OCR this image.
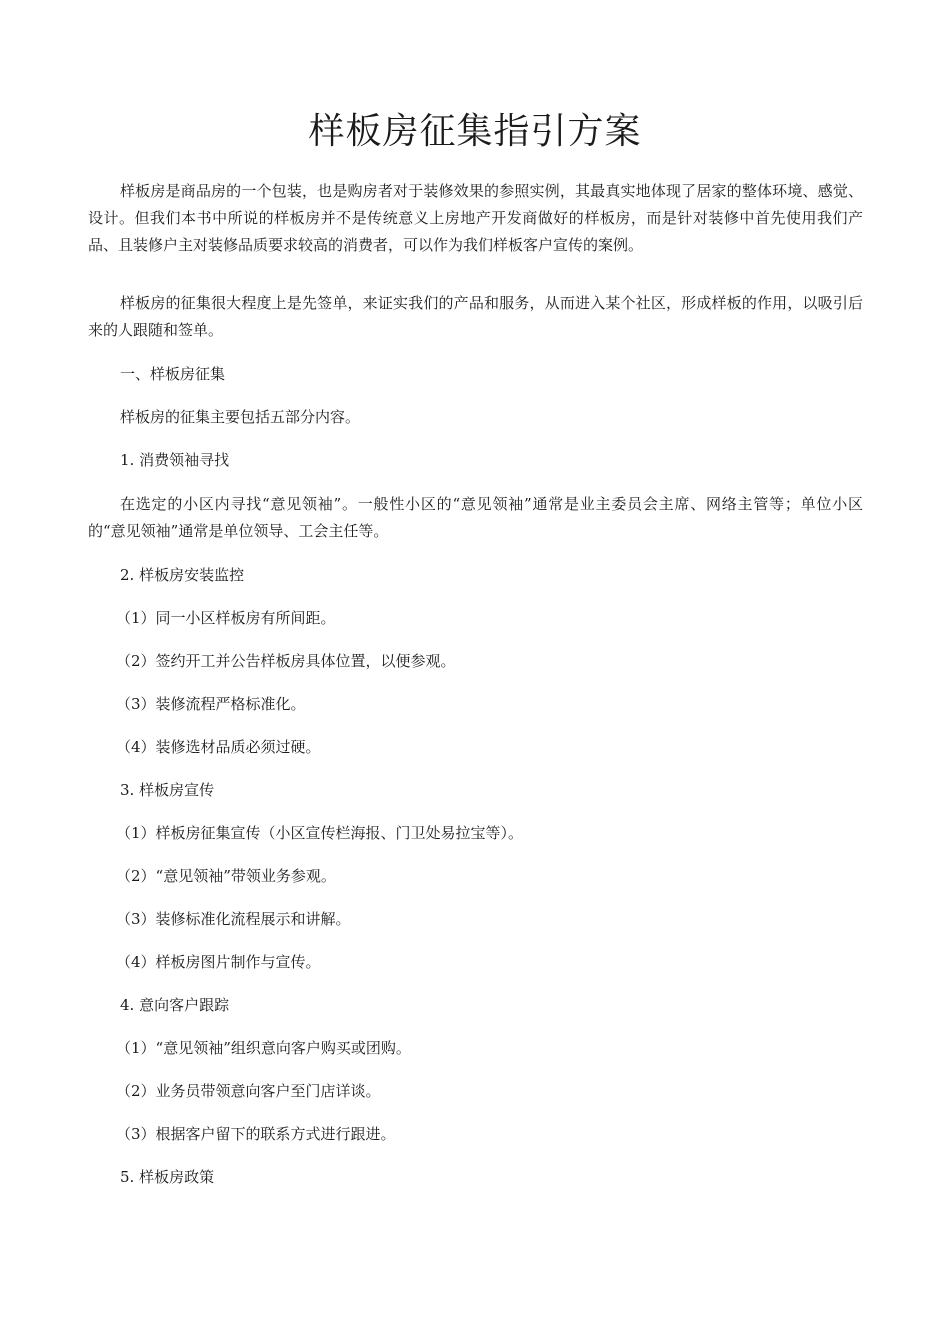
样板房征集指引方案

样板房是商品房的一个包装，也是购房者对于装修效果的参照实例，其最真实地体现了居家的整体环境、感觉、设计。但我们本书中所说的样板房并不是传统意义上房地产开发商做好的样板房，而是针对装修中首先使用我们产品、且装修户主对装修品质要求较高的消费者，可以作为我们样板客户宣传的案例。

样板房的征集很大程度上是先签单，来证实我们的产品和服务，从而进入某个社区，形成样板的作用，以吸引后来的人跟随和签单。

一、样板房征集

样板房的征集主要包括五部分内容。

1. 消费领袖寻找

在选定的小区内寻找“意见领袖”。一般性小区的“意见领袖”通常是业主委员会主席、网络主管等；单位小区的“意见领袖”通常是单位领导、工会主任等。

2. 样板房安装监控

（1）同一小区样板房有所间距。

（2）签约开工并公告样板房具体位置，以便参观。

（3）装修流程严格标准化。

（4）装修选材品质必须过硬。

3. 样板房宣传

（1）样板房征集宣传（小区宣传栏海报、门卫处易拉宝等）。

（2）“意见领袖”带领业务参观。

（3）装修标准化流程展示和讲解。

（4）样板房图片制作与宣传。

4. 意向客户跟踪

（1）“意见领袖”组织意向客户购买或团购。

（2）业务员带领意向客户至门店详谈。

（3）根据客户留下的联系方式进行跟进。

5. 样板房政策
